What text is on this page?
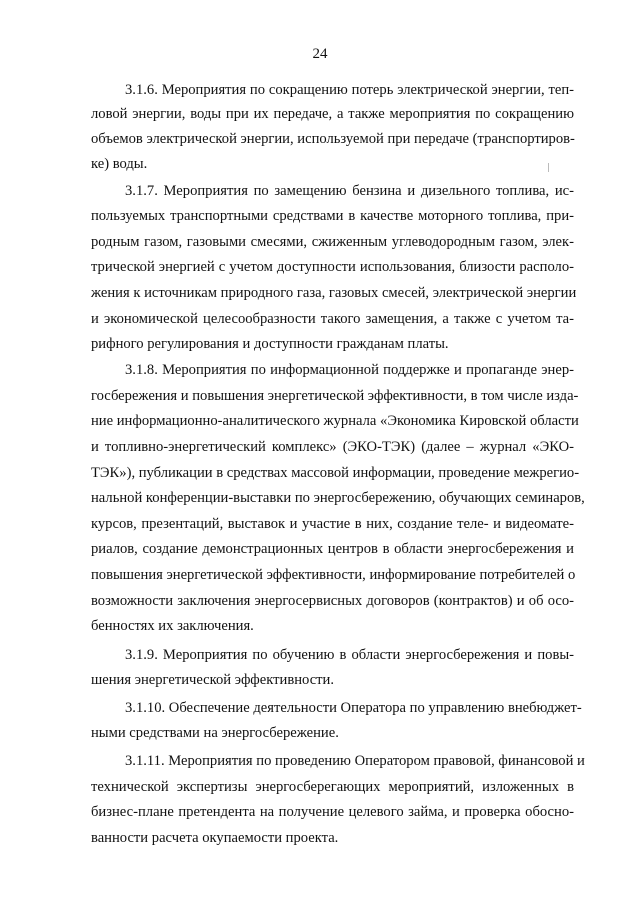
24
3.1.6. Мероприятия по сокращению потерь электрической энергии, теп-
ловой энергии, воды при их передаче, а также мероприятия по сокращению
объемов электрической энергии, используемой при передаче (транспортиров-
ке) воды.
3.1.7. Мероприятия по замещению бензина и дизельного топлива, ис-
пользуемых транспортными средствами в качестве моторного топлива, при-
родным газом, газовыми смесями, сжиженным углеводородным газом, элек-
трической энергией с учетом доступности использования, близости располо-
жения к источникам природного газа, газовых смесей, электрической энергии
и экономической целесообразности такого замещения, а также с учетом та-
рифного регулирования и доступности гражданам платы.
3.1.8. Мероприятия по информационной поддержке и пропаганде энер-
госбережения и повышения энергетической эффективности, в том числе изда-
ние информационно-аналитического журнала «Экономика Кировской области
и топливно-энергетический комплекс» (ЭКО-ТЭК) (далее – журнал «ЭКО-
ТЭК»), публикации в средствах массовой информации, проведение межрегио-
нальной конференции-выставки по энергосбережению, обучающих семинаров,
курсов, презентаций, выставок и участие в них, создание теле- и видеомате-
риалов, создание демонстрационных центров в области энергосбережения и
повышения энергетической эффективности, информирование потребителей о
возможности заключения энергосервисных договоров (контрактов) и об осо-
бенностях их заключения.
3.1.9. Мероприятия по обучению в области энергосбережения и повы-
шения энергетической эффективности.
3.1.10. Обеспечение деятельности Оператора по управлению внебюджет-
ными средствами на энергосбережение.
3.1.11. Мероприятия по проведению Оператором правовой, финансовой и
технической экспертизы энергосберегающих мероприятий, изложенных в
бизнес-плане претендента на получение целевого займа, и проверка обосно-
ванности расчета окупаемости проекта.
